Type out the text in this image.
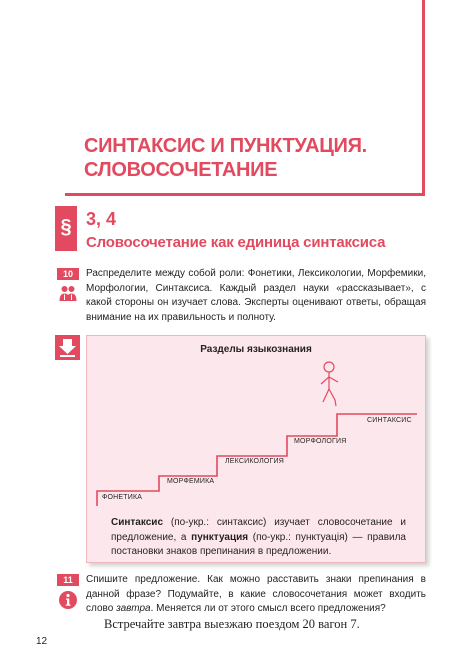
СИНТАКСИС И ПУНКТУАЦИЯ.
СЛОВОСОЧЕТАНИЕ
§ 3, 4
Словосочетание как единица синтаксиса
10	Распределите между собой роли: Фонетики, Лексикологии, Морфемики, Морфологии, Синтаксиса. Каждый раздел науки «рассказывает», с какой стороны он изучает слова. Эксперты оценивают ответы, обращая внимание на их правильность и полноту.
Разделы языкознания
ФОНЕТИКА
МОРФЕМИКА
ЛЕКСИКОЛОГИЯ
МОРФОЛОГИЯ
СИНТАКСИС
Синтаксис (по-укр.: синтаксис) изучает словосочетание и предложение, а пунктуация (по-укр.: пунктуація) — правила постановки знаков препинания в предложении.
11	Спишите предложение. Как можно расставить знаки препинания в данной фразе? Подумайте, в какие словосочетания может входить слово завтра. Меняется ли от этого смысл всего предложения?
Встречайте завтра выезжаю поездом 20 вагон 7.
12
